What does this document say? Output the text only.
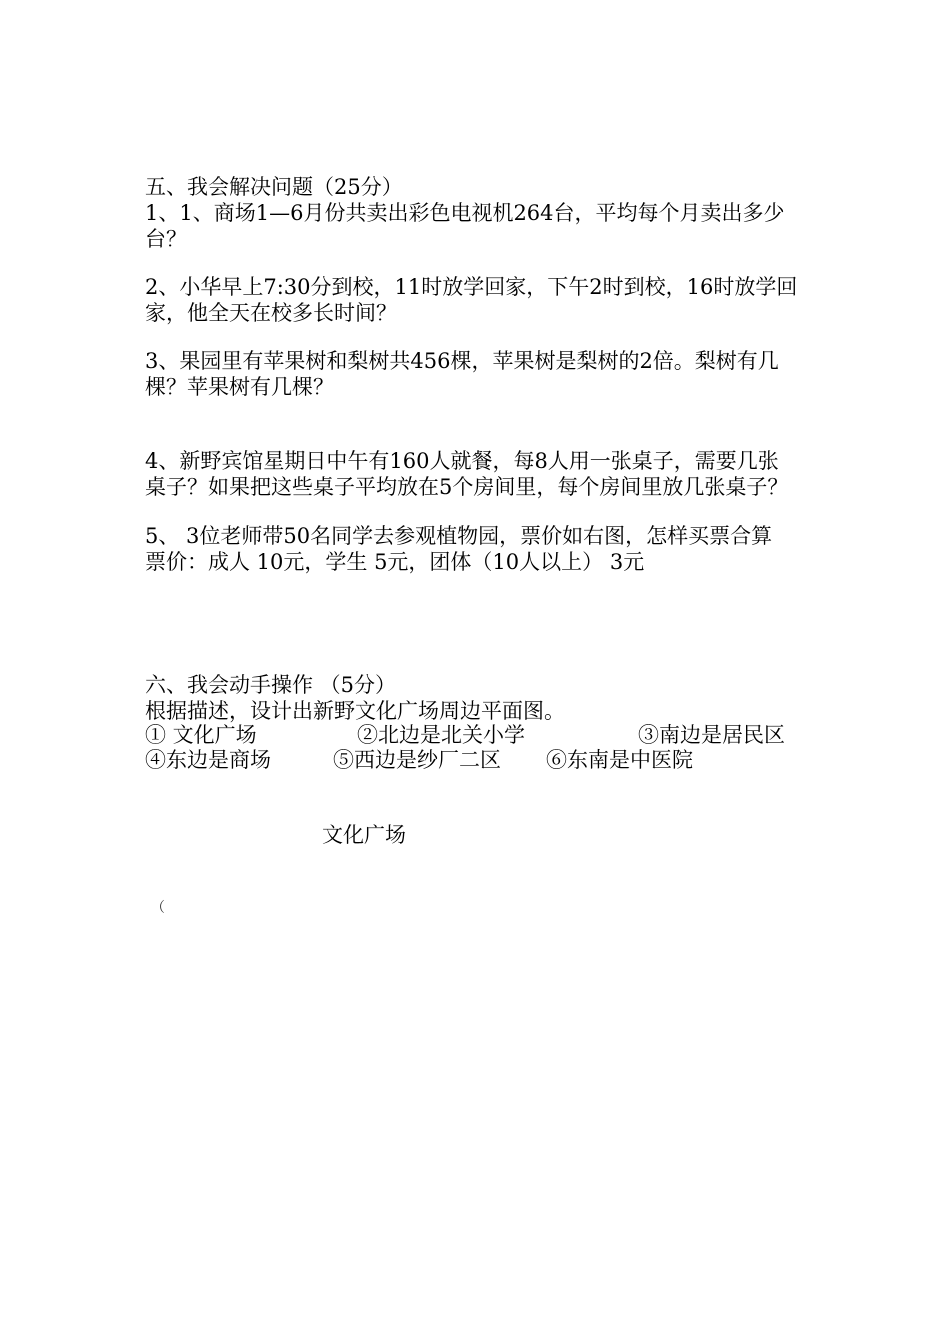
五、我会解决问题（25分）
1、1、商场1—6月份共卖出彩色电视机264台，平均每个月卖出多少
台？
2、小华早上7:30分到校，11时放学回家，下午2时到校，16时放学回
家，他全天在校多长时间？
3、果园里有苹果树和梨树共456棵，苹果树是梨树的2倍。梨树有几
棵？苹果树有几棵？
4、新野宾馆星期日中午有160人就餐，每8人用一张桌子，需要几张
桌子？如果把这些桌子平均放在5个房间里，每个房间里放几张桌子？
5、 3位老师带50名同学去参观植物园，票价如右图，怎样买票合算
票价：成人 10元，学生 5元，团体（10人以上） 3元
六、我会动手操作 （5分）
根据描述，设计出新野文化广场周边平面图。
① 文化广场	②北边是北关小学	③南边是居民区
④东边是商场	⑤西边是纱厂二区 ⑥东南是中医院
文化广场
（
